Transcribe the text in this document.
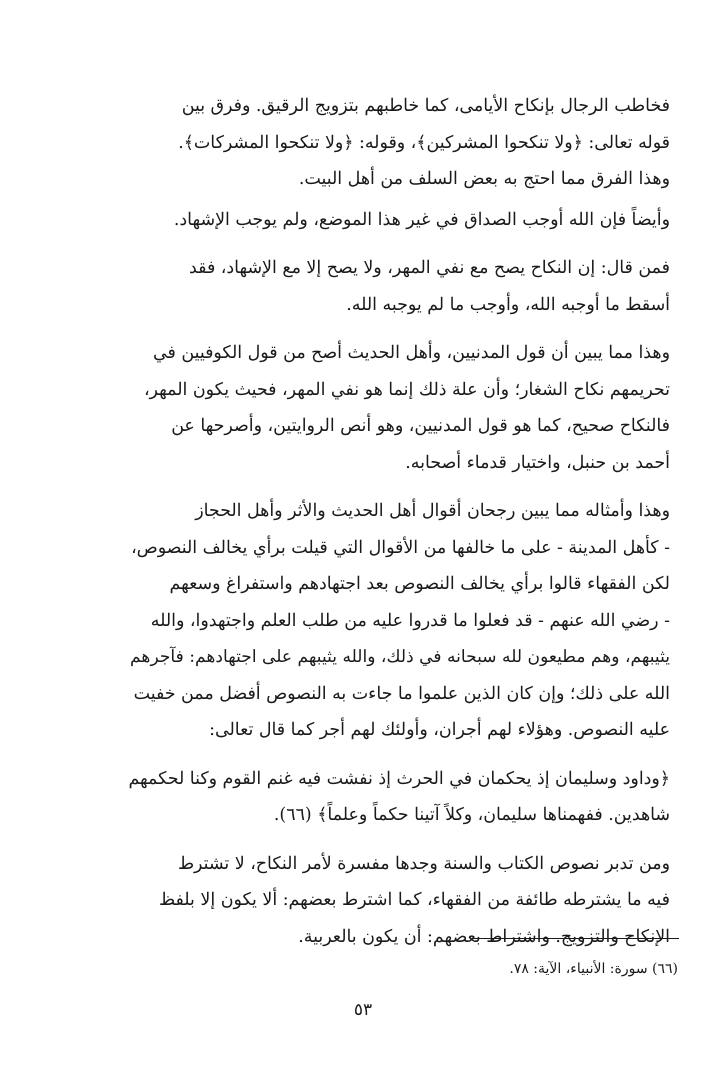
فخاطب الرجال بإنكاح الأيامى، كما خاطبهم بتزويج الرقيق. وفرق بين
قوله تعالى: ﴿ولا تنكحوا المشركين﴾، وقوله: ﴿ولا تنكحوا المشركات﴾.
وهذا الفرق مما احتج به بعض السلف من أهل البيت.

وأيضاً فإن الله أوجب الصداق في غير هذا الموضع، ولم يوجب الإشهاد.

فمن قال: إن النكاح يصح مع نفي المهر، ولا يصح إلا مع الإشهاد، فقد
أسقط ما أوجبه الله، وأوجب ما لم يوجبه الله.

وهذا مما يبين أن قول المدنيين، وأهل الحديث أصح من قول الكوفيين في
تحريمهم نكاح الشغار؛ وأن علة ذلك إنما هو نفي المهر، فحيث يكون المهر،
فالنكاح صحيح، كما هو قول المدنيين، وهو أنص الروايتين، وأصرحها عن
أحمد بن حنبل، واختيار قدماء أصحابه.

وهذا وأمثاله مما يبين رجحان أقوال أهل الحديث والأثر وأهل الحجاز
- كأهل المدينة - على ما خالفها من الأقوال التي قيلت برأي يخالف النصوص،
لكن الفقهاء قالوا برأي يخالف النصوص بعد اجتهادهم واستفراغ وسعهم
- رضي الله عنهم - قد فعلوا ما قدروا عليه من طلب العلم واجتهدوا، والله
يثيبهم، وهم مطيعون لله سبحانه في ذلك، والله يثيبهم على اجتهادهم: فآجرهم
الله على ذلك؛ وإن كان الذين علموا ما جاءت به النصوص أفضل ممن خفيت
عليه النصوص. وهؤلاء لهم أجران، وأولئك لهم أجر كما قال تعالى:

﴿وداود وسليمان إذ يحكمان في الحرث إذ نفشت فيه غنم القوم وكنا لحكمهم
شاهدين. ففهمناها سليمان، وكلاً آتينا حكماً وعلماً﴾ (٦٦).

ومن تدبر نصوص الكتاب والسنة وجدها مفسرة لأمر النكاح، لا تشترط
فيه ما يشترطه طائفة من الفقهاء، كما اشترط بعضهم: ألا يكون إلا بلفظ
الإنكاح والتزويج. واشتراط بعضهم: أن يكون بالعربية.

(٦٦) سورة: الأنبياء، الآية: ٧٨.
٥٣
